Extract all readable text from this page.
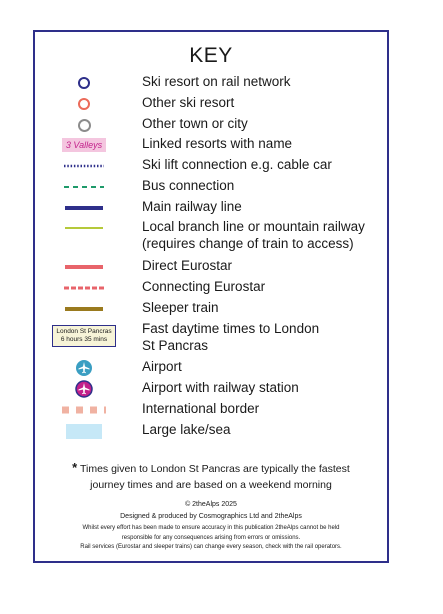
KEY
Ski resort on rail network
Other ski resort
Other town or city
3 Valleys	Linked resorts with name
Ski lift connection e.g. cable car
Bus connection
Main railway line
Local branch line or mountain railway
(requires change of train to access)
Direct Eurostar
Connecting Eurostar
Sleeper train
London St Pancras
6 hours 35 mins
Fast daytime times to London
St Pancras
Airport
Airport with railway station
International border
Large lake/sea
* Times given to London St Pancras are typically the fastest
journey times and are based on a weekend morning
© 2theAlps 2025
Designed & produced by Cosmographics Ltd and 2theAlps
Whilst every effort has been made to ensure accuracy in this publication 2theAlps cannot be held
responsible for any consequences arising from errors or omissions.
Rail services (Eurostar and sleeper trains) can change every season, check with the rail operators.
